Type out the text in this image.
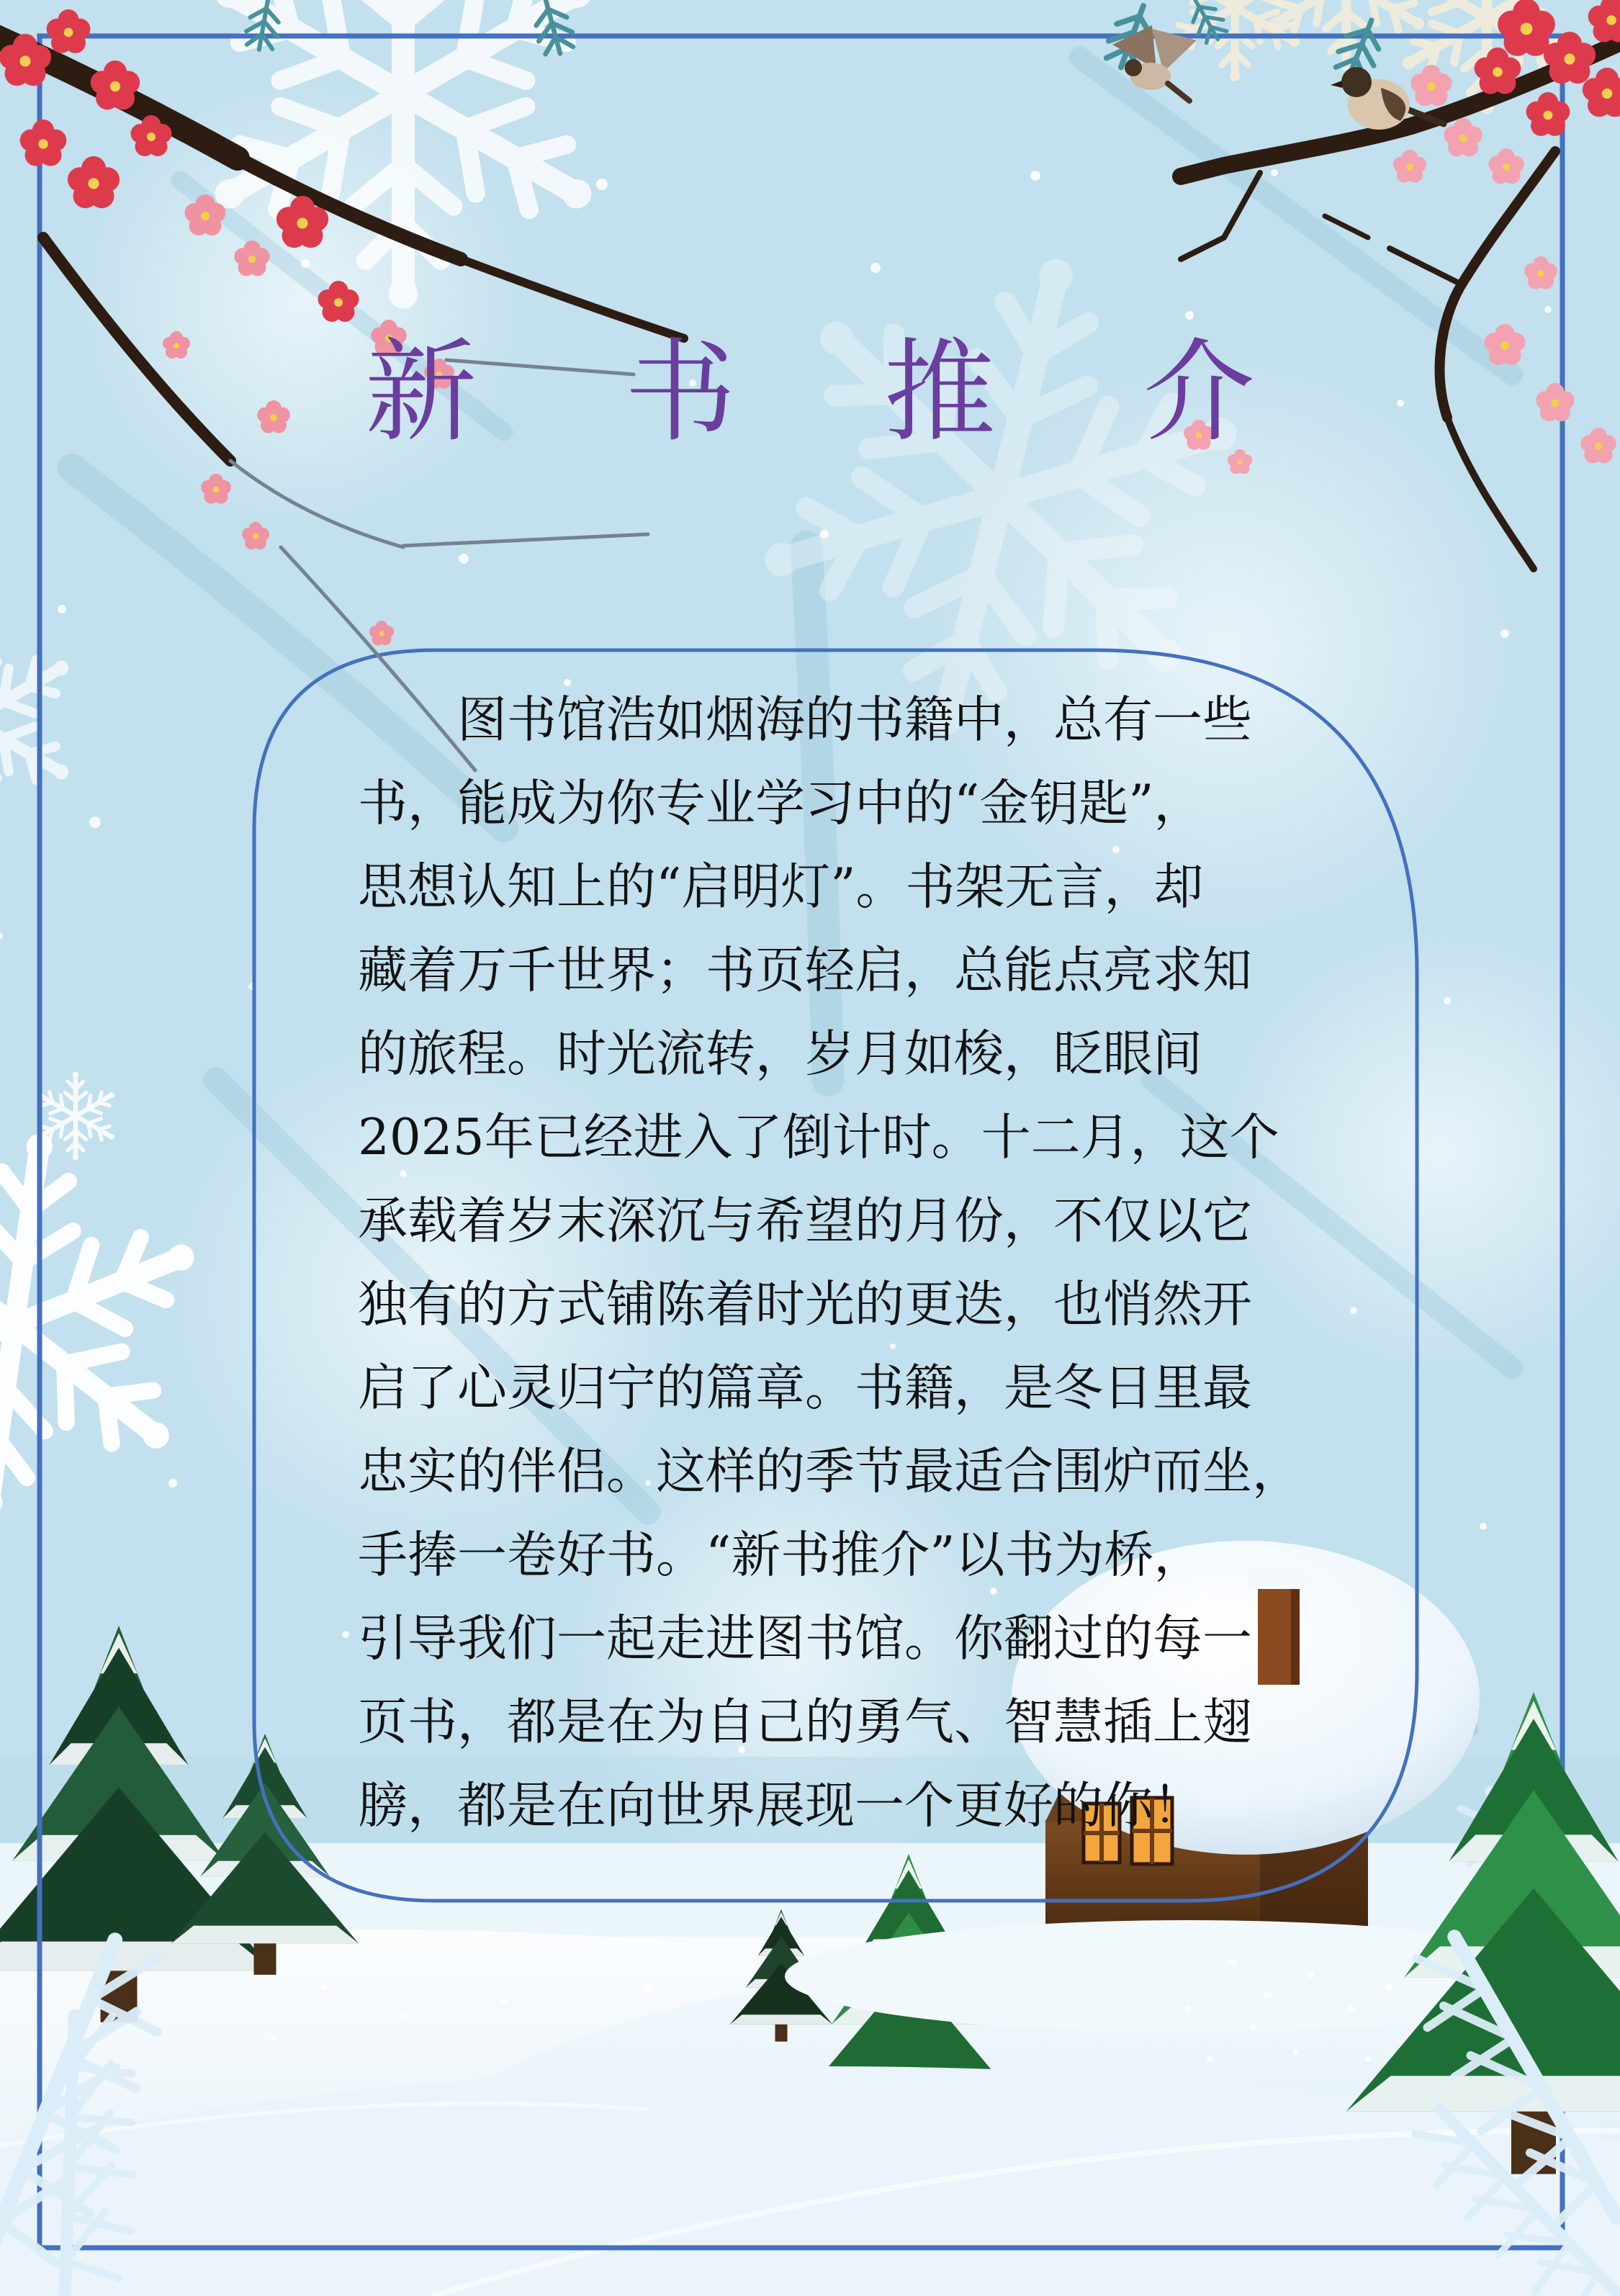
新 书 推 介
图书馆浩如烟海的书籍中，总有一些
书，能成为你专业学习中的“金钥匙”，
思想认知上的“启明灯”。书架无言，却
藏着万千世界；书页轻启，总能点亮求知
的旅程。时光流转，岁月如梭，眨眼间
2025年已经进入了倒计时。十二月，这个
承载着岁末深沉与希望的月份，不仅以它
独有的方式铺陈着时光的更迭，也悄然开
启了心灵归宁的篇章。书籍，是冬日里最
忠实的伴侣。这样的季节最适合围炉而坐，
手捧一卷好书。“新书推介”以书为桥，
引导我们一起走进图书馆。你翻过的每一
页书，都是在为自己的勇气、智慧插上翅
膀，都是在向世界展现一个更好的你！
